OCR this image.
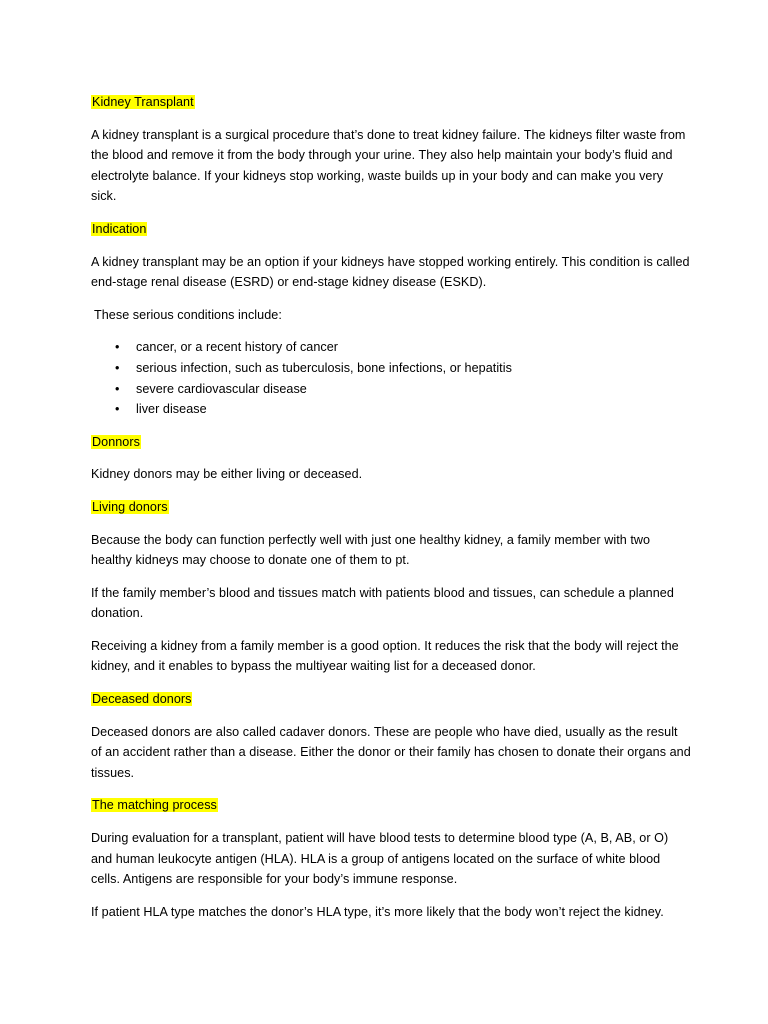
Kidney Transplant

A kidney transplant is a surgical procedure that’s done to treat kidney failure. The kidneys filter waste from the blood and remove it from the body through your urine. They also help maintain your body’s fluid and electrolyte balance. If your kidneys stop working, waste builds up in your body and can make you very sick.

Indication

A kidney transplant may be an option if your kidneys have stopped working entirely. This condition is called end-stage renal disease (ESRD) or end-stage kidney disease (ESKD).

These serious conditions include:

• cancer, or a recent history of cancer
• serious infection, such as tuberculosis, bone infections, or hepatitis
• severe cardiovascular disease
• liver disease
Donnors

Kidney donors may be either living or deceased.

Living donors

Because the body can function perfectly well with just one healthy kidney, a family member with two healthy kidneys may choose to donate one of them to pt.

If the family member’s blood and tissues match with patients blood and tissues, can schedule a planned donation.

Receiving a kidney from a family member is a good option. It reduces the risk that the body will reject the kidney, and it enables to bypass the multiyear waiting list for a deceased donor.

Deceased donors

Deceased donors are also called cadaver donors. These are people who have died, usually as the result of an accident rather than a disease. Either the donor or their family has chosen to donate their organs and tissues.

The matching process

During evaluation for a transplant, patient will have blood tests to determine blood type (A, B, AB, or O) and human leukocyte antigen (HLA). HLA is a group of antigens located on the surface of white blood cells. Antigens are responsible for your body’s immune response.

If patient HLA type matches the donor’s HLA type, it’s more likely that the body won’t reject the kidney.
